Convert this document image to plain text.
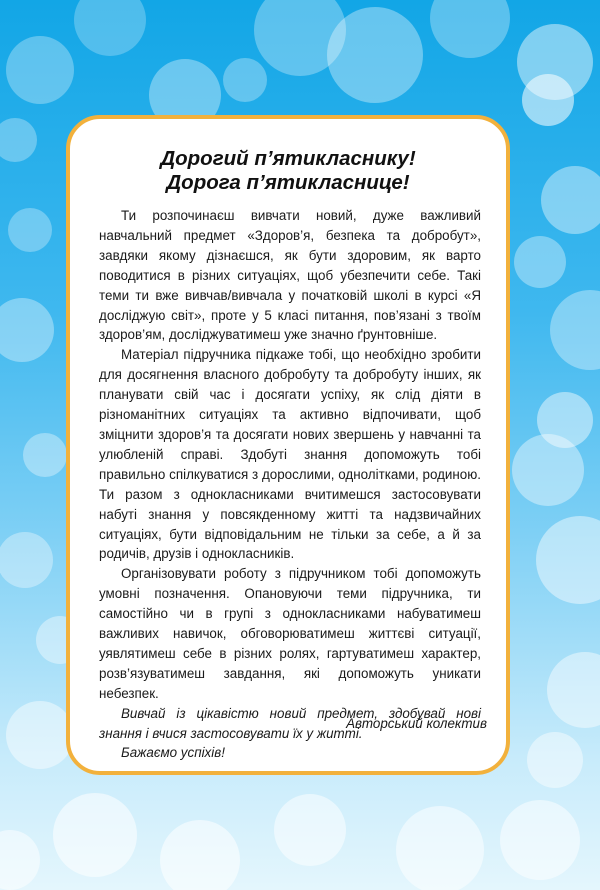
Дорогий п’ятикласнику!
Дорога п’ятикласнице!

Ти розпочинаєш вивчати новий, дуже важливий навчальний предмет «Здоров’я, безпека та добробут», завдяки якому дізнаєшся, як бути здоровим, як варто поводитися в різних ситуаціях, щоб убезпечити себе. Такі теми ти вже вивчав/вивчала у початковій школі в курсі «Я досліджую світ», проте у 5 класі питання, пов’язані з твоїм здоров’ям, досліджуватимеш уже значно ґрунтовніше.

Матеріал підручника підкаже тобі, що необхідно зробити для досягнення власного добробуту та добробуту інших, як планувати свій час і досягати успіху, як слід діяти в різноманітних ситуаціях та активно відпочивати, щоб зміцнити здоров’я та досягати нових звершень у навчанні та улюбленій справі. Здобуті знання допоможуть тобі правильно спілкуватися з дорослими, однолітками, родиною. Ти разом з однокласниками вчитимешся застосовувати набуті знання у повсякденному житті та надзвичайних ситуаціях, бути відповідальним не тільки за себе, а й за родичів, друзів і однокласників.

Організовувати роботу з підручником тобі допоможуть умовні позначення. Опановуючи теми підручника, ти самостійно чи в групі з однокласниками набуватимеш важливих навичок, обговорюватимеш життєві ситуації, уявлятимеш себе в різних ролях, гартуватимеш характер, розв’язуватимеш завдання, які допоможуть уникати небезпек.

Вивчай із цікавістю новий предмет, здобувай нові знання і вчися застосовувати їх у житті.

Бажаємо успіхів!

Авторський колектив
